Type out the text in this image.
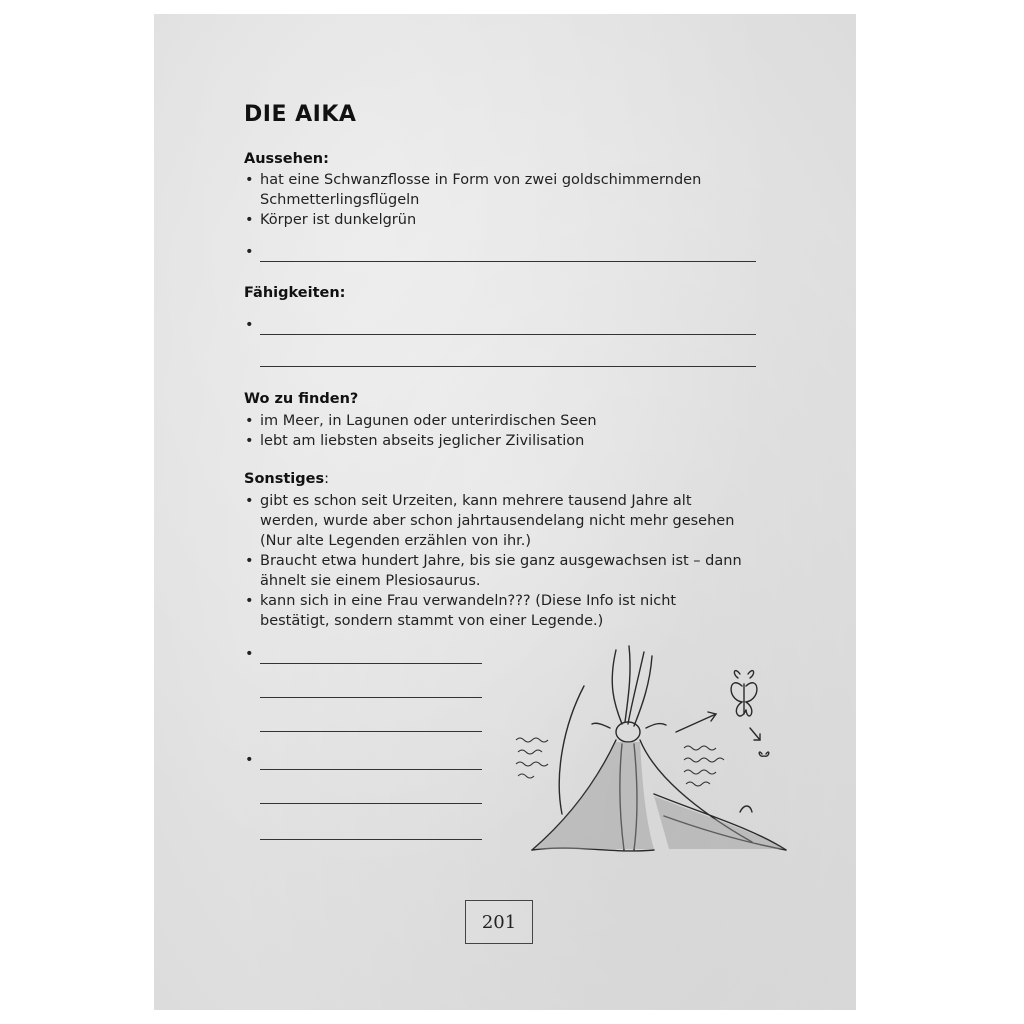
DIE AIKA
Aussehen:
• hat eine Schwanzflosse in Form von zwei goldschimmernden
Schmetterlingsflügeln
• Körper ist dunkelgrün
•
Fähigkeiten:
•
Wo zu finden?
• im Meer, in Lagunen oder unterirdischen Seen
• lebt am liebsten abseits jeglicher Zivilisation
Sonstiges:
• gibt es schon seit Urzeiten, kann mehrere tausend Jahre alt werden, wurde aber schon jahrtausendelang nicht mehr gesehen (Nur alte Legenden erzählen von ihr.)
• Braucht etwa hundert Jahre, bis sie ganz ausgewachsen ist – dann ähnelt sie einem Plesiosaurus.
• kann sich in eine Frau verwandeln??? (Diese Info ist nicht bestätigt, sondern stammt von einer Legende.)
•
•
201
